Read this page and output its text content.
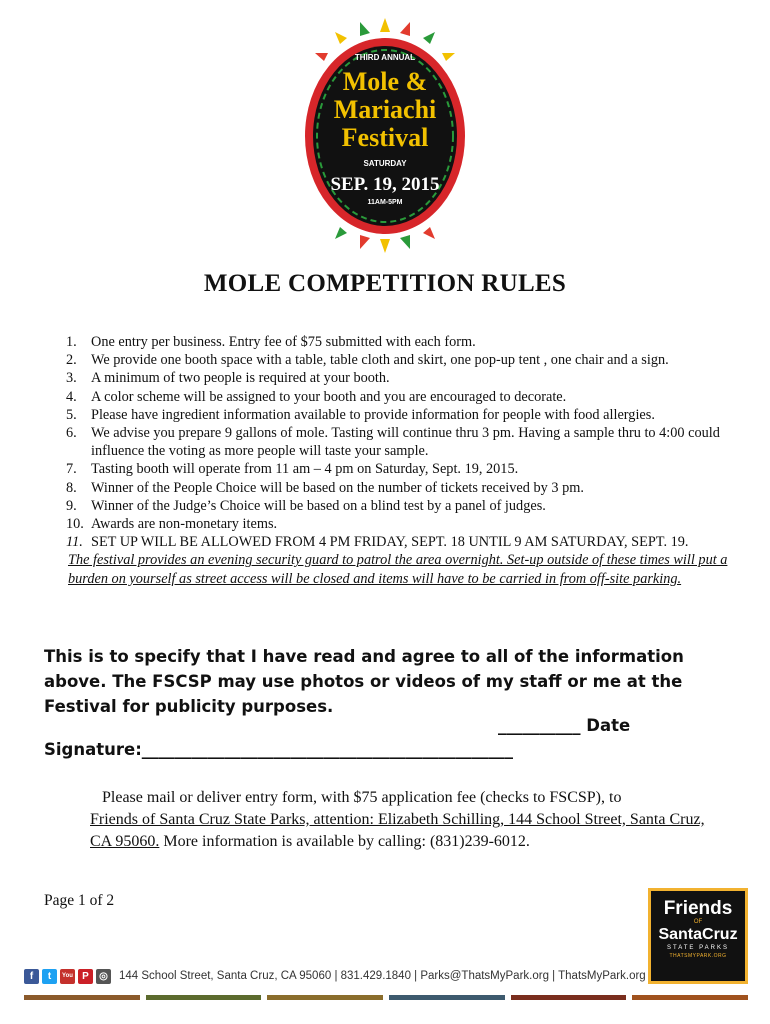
THIRD ANNUAL
Mole &
Mariachi
Festival
SATURDAY
SEP. 19, 2015
11AM-5PM
MOLE COMPETITION RULES
1. One entry per business. Entry fee of $75 submitted with each form.
2. We provide one booth space with a table, table cloth and skirt, one pop-up tent , one chair and a sign.
3. A minimum of two people is required at your booth.
4. A color scheme will be assigned to your booth and you are encouraged to decorate.
5. Please have ingredient information available to provide information for people with food allergies.
6. We advise you prepare 9 gallons of mole. Tasting will continue thru 3 pm. Having a sample thru to 4:00 could influence the voting as more people will taste your sample.
7. Tasting booth will operate from 11 am – 4 pm on Saturday, Sept. 19, 2015.
8. Winner of the People Choice will be based on the number of tickets received by 3 pm.
9. Winner of the Judge’s Choice will be based on a blind test by a panel of judges.
10. Awards are non-monetary items.
11. SET UP WILL BE ALLOWED FROM 4 PM FRIDAY, SEPT. 18 UNTIL 9 AM SATURDAY, SEPT. 19.
The festival provides an evening security guard to patrol the area overnight. Set-up outside of these times will put a burden on yourself as street access will be closed and items will have to be carried in from off-site parking.
This is to specify that I have read and agree to all of the information above. The FSCSP may use photos or videos of my staff or me at the Festival for publicity purposes.
__________ Date
Signature:_____________________________________________
Please mail or deliver entry form, with $75 application fee (checks to FSCSP), to
Friends of Santa Cruz State Parks, attention: Elizabeth Schilling, 144 School Street, Santa Cruz, CA 95060. More information is available by calling: (831)239-6012.
Page 1 of 2	Friends
OF
SantaCruz
STATE PARKS
THATSMYPARK.ORG
f	t	You P	◎ 144 School Street, Santa Cruz, CA 95060 | 831.429.1840 | Parks@ThatsMyPark.org | ThatsMyPark.org
